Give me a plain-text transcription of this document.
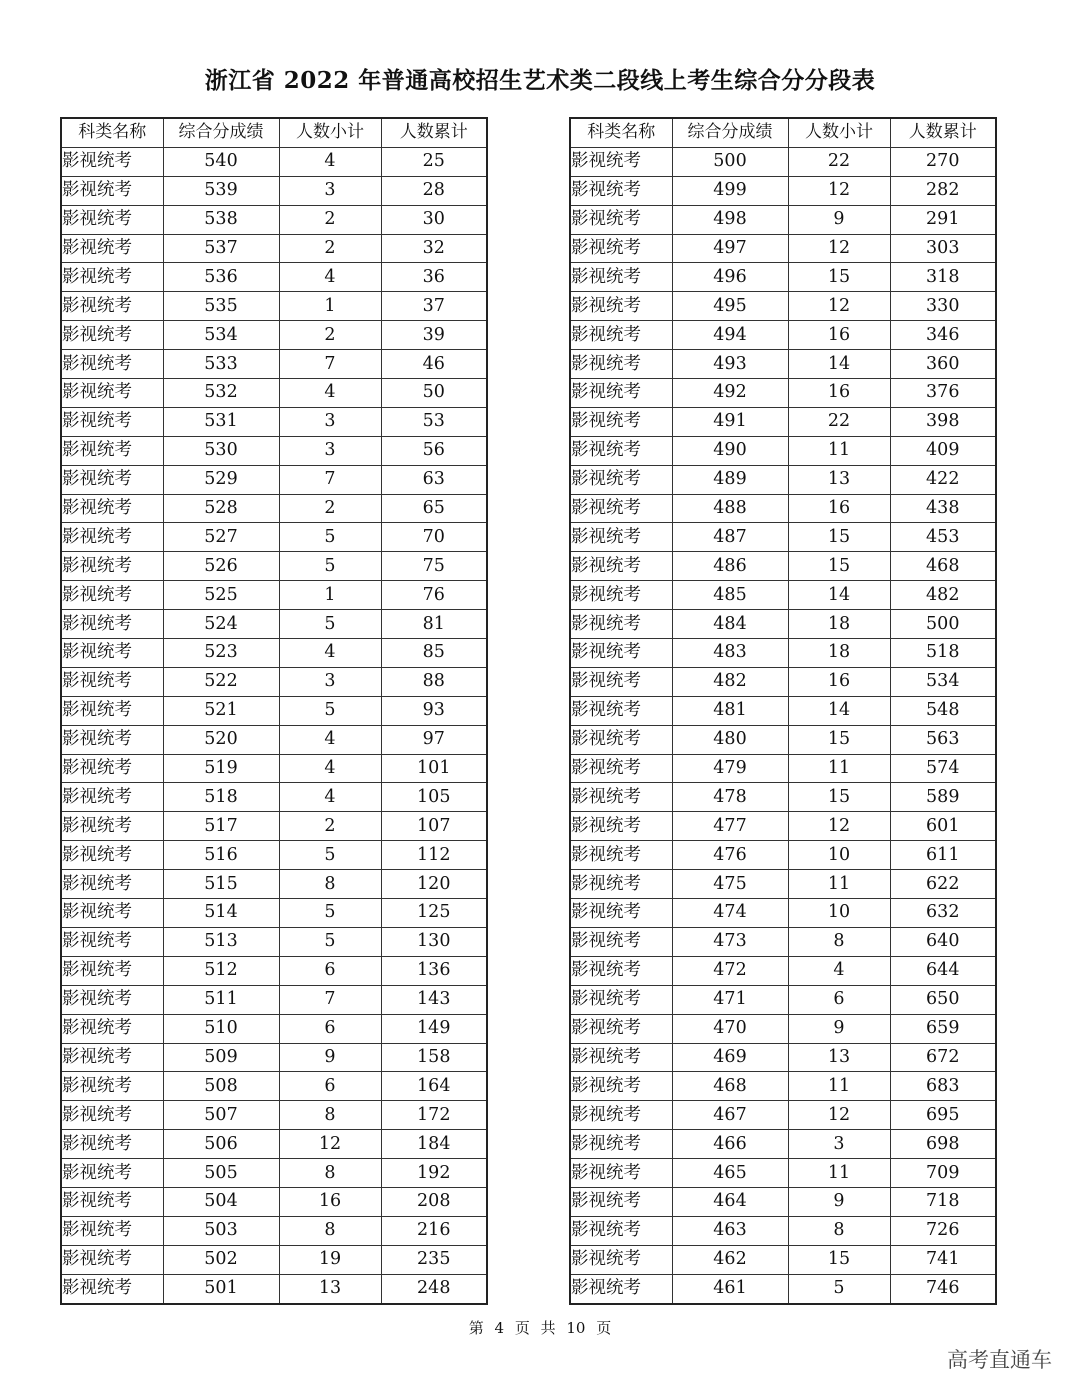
浙江省 2022 年普通高校招生艺术类二段线上考生综合分分段表
科类名称	综合分成绩	人数小计	人数累计
影视统考	540	4	25
影视统考	539	3	28
影视统考	538	2	30
影视统考	537	2	32
影视统考	536	4	36
影视统考	535	1	37
影视统考	534	2	39
影视统考	533	7	46
影视统考	532	4	50
影视统考	531	3	53
影视统考	530	3	56
影视统考	529	7	63
影视统考	528	2	65
影视统考	527	5	70
影视统考	526	5	75
影视统考	525	1	76
影视统考	524	5	81
影视统考	523	4	85
影视统考	522	3	88
影视统考	521	5	93
影视统考	520	4	97
影视统考	519	4	101
影视统考	518	4	105
影视统考	517	2	107
影视统考	516	5	112
影视统考	515	8	120
影视统考	514	5	125
影视统考	513	5	130
影视统考	512	6	136
影视统考	511	7	143
影视统考	510	6	149
影视统考	509	9	158
影视统考	508	6	164
影视统考	507	8	172
影视统考	506	12	184
影视统考	505	8	192
影视统考	504	16	208
影视统考	503	8	216
影视统考	502	19	235
影视统考	501	13	248
科类名称	综合分成绩	人数小计	人数累计
影视统考	500	22	270
影视统考	499	12	282
影视统考	498	9	291
影视统考	497	12	303
影视统考	496	15	318
影视统考	495	12	330
影视统考	494	16	346
影视统考	493	14	360
影视统考	492	16	376
影视统考	491	22	398
影视统考	490	11	409
影视统考	489	13	422
影视统考	488	16	438
影视统考	487	15	453
影视统考	486	15	468
影视统考	485	14	482
影视统考	484	18	500
影视统考	483	18	518
影视统考	482	16	534
影视统考	481	14	548
影视统考	480	15	563
影视统考	479	11	574
影视统考	478	15	589
影视统考	477	12	601
影视统考	476	10	611
影视统考	475	11	622
影视统考	474	10	632
影视统考	473	8	640
影视统考	472	4	644
影视统考	471	6	650
影视统考	470	9	659
影视统考	469	13	672
影视统考	468	11	683
影视统考	467	12	695
影视统考	466	3	698
影视统考	465	11	709
影视统考	464	9	718
影视统考	463	8	726
影视统考	462	15	741
影视统考	461	5	746
第 4 页 共 10 页
高考直通车
